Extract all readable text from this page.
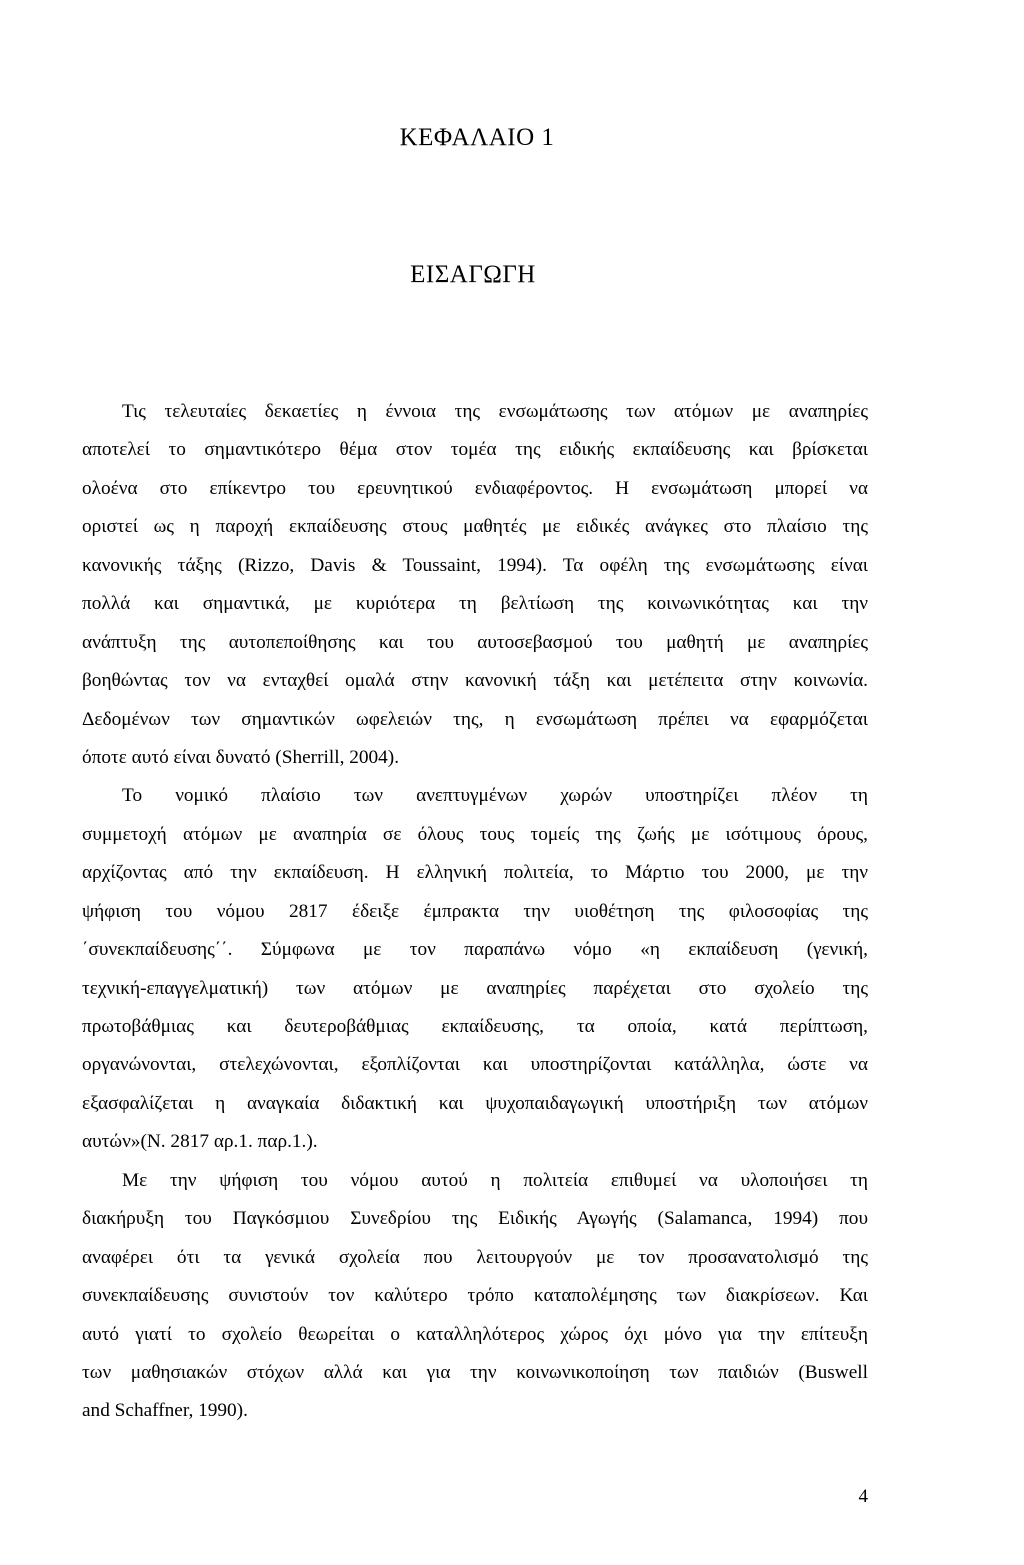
ΚΕΦΑΛΑΙΟ 1
ΕΙΣΑΓΩΓΗ
Τις τελευταίες δεκαετίες η έννοια της ενσωμάτωσης των ατόμων με αναπηρίες
αποτελεί το σημαντικότερο θέμα στον τομέα της ειδικής εκπαίδευσης και βρίσκεται
ολοένα στο επίκεντρο του ερευνητικού ενδιαφέροντος. Η ενσωμάτωση μπορεί να
οριστεί ως η παροχή εκπαίδευσης στους μαθητές με ειδικές ανάγκες στο πλαίσιο της
κανονικής τάξης (Rizzo, Davis & Toussaint, 1994). Τα οφέλη της ενσωμάτωσης είναι
πολλά και σημαντικά, με κυριότερα τη βελτίωση της κοινωνικότητας και την
ανάπτυξη της αυτοπεποίθησης και του αυτοσεβασμού του μαθητή με αναπηρίες
βοηθώντας τον να ενταχθεί ομαλά στην κανονική τάξη και μετέπειτα στην κοινωνία.
Δεδομένων των σημαντικών ωφελειών της, η ενσωμάτωση πρέπει να εφαρμόζεται
όποτε αυτό είναι δυνατό (Sherrill, 2004).
Το νομικό πλαίσιο των ανεπτυγμένων χωρών υποστηρίζει πλέον τη
συμμετοχή ατόμων με αναπηρία σε όλους τους τομείς της ζωής με ισότιμους όρους,
αρχίζοντας από την εκπαίδευση. Η ελληνική πολιτεία, το Μάρτιο του 2000, με την
ψήφιση του νόμου 2817 έδειξε έμπρακτα την υιοθέτηση της φιλοσοφίας της
΄συνεκπαίδευσης΄΄. Σύμφωνα με τον παραπάνω νόμο «η εκπαίδευση (γενική,
τεχνική-επαγγελματική) των ατόμων με αναπηρίες παρέχεται στο σχολείο της
πρωτοβάθμιας και δευτεροβάθμιας εκπαίδευσης, τα οποία, κατά περίπτωση,
οργανώνονται, στελεχώνονται, εξοπλίζονται και υποστηρίζονται κατάλληλα, ώστε να
εξασφαλίζεται η αναγκαία διδακτική και ψυχοπαιδαγωγική υποστήριξη των ατόμων
αυτών»(Ν. 2817 αρ.1. παρ.1.).
Με την ψήφιση του νόμου αυτού η πολιτεία επιθυμεί να υλοποιήσει τη
διακήρυξη του Παγκόσμιου Συνεδρίου της Ειδικής Αγωγής (Salamanca, 1994) που
αναφέρει ότι τα γενικά σχολεία που λειτουργούν με τον προσανατολισμό της
συνεκπαίδευσης συνιστούν τον καλύτερο τρόπο καταπολέμησης των διακρίσεων. Και
αυτό γιατί το σχολείο θεωρείται ο καταλληλότερος χώρος όχι μόνο για την επίτευξη
των μαθησιακών στόχων αλλά και για την κοινωνικοποίηση των παιδιών (Buswell
and Schaffner, 1990).
4
